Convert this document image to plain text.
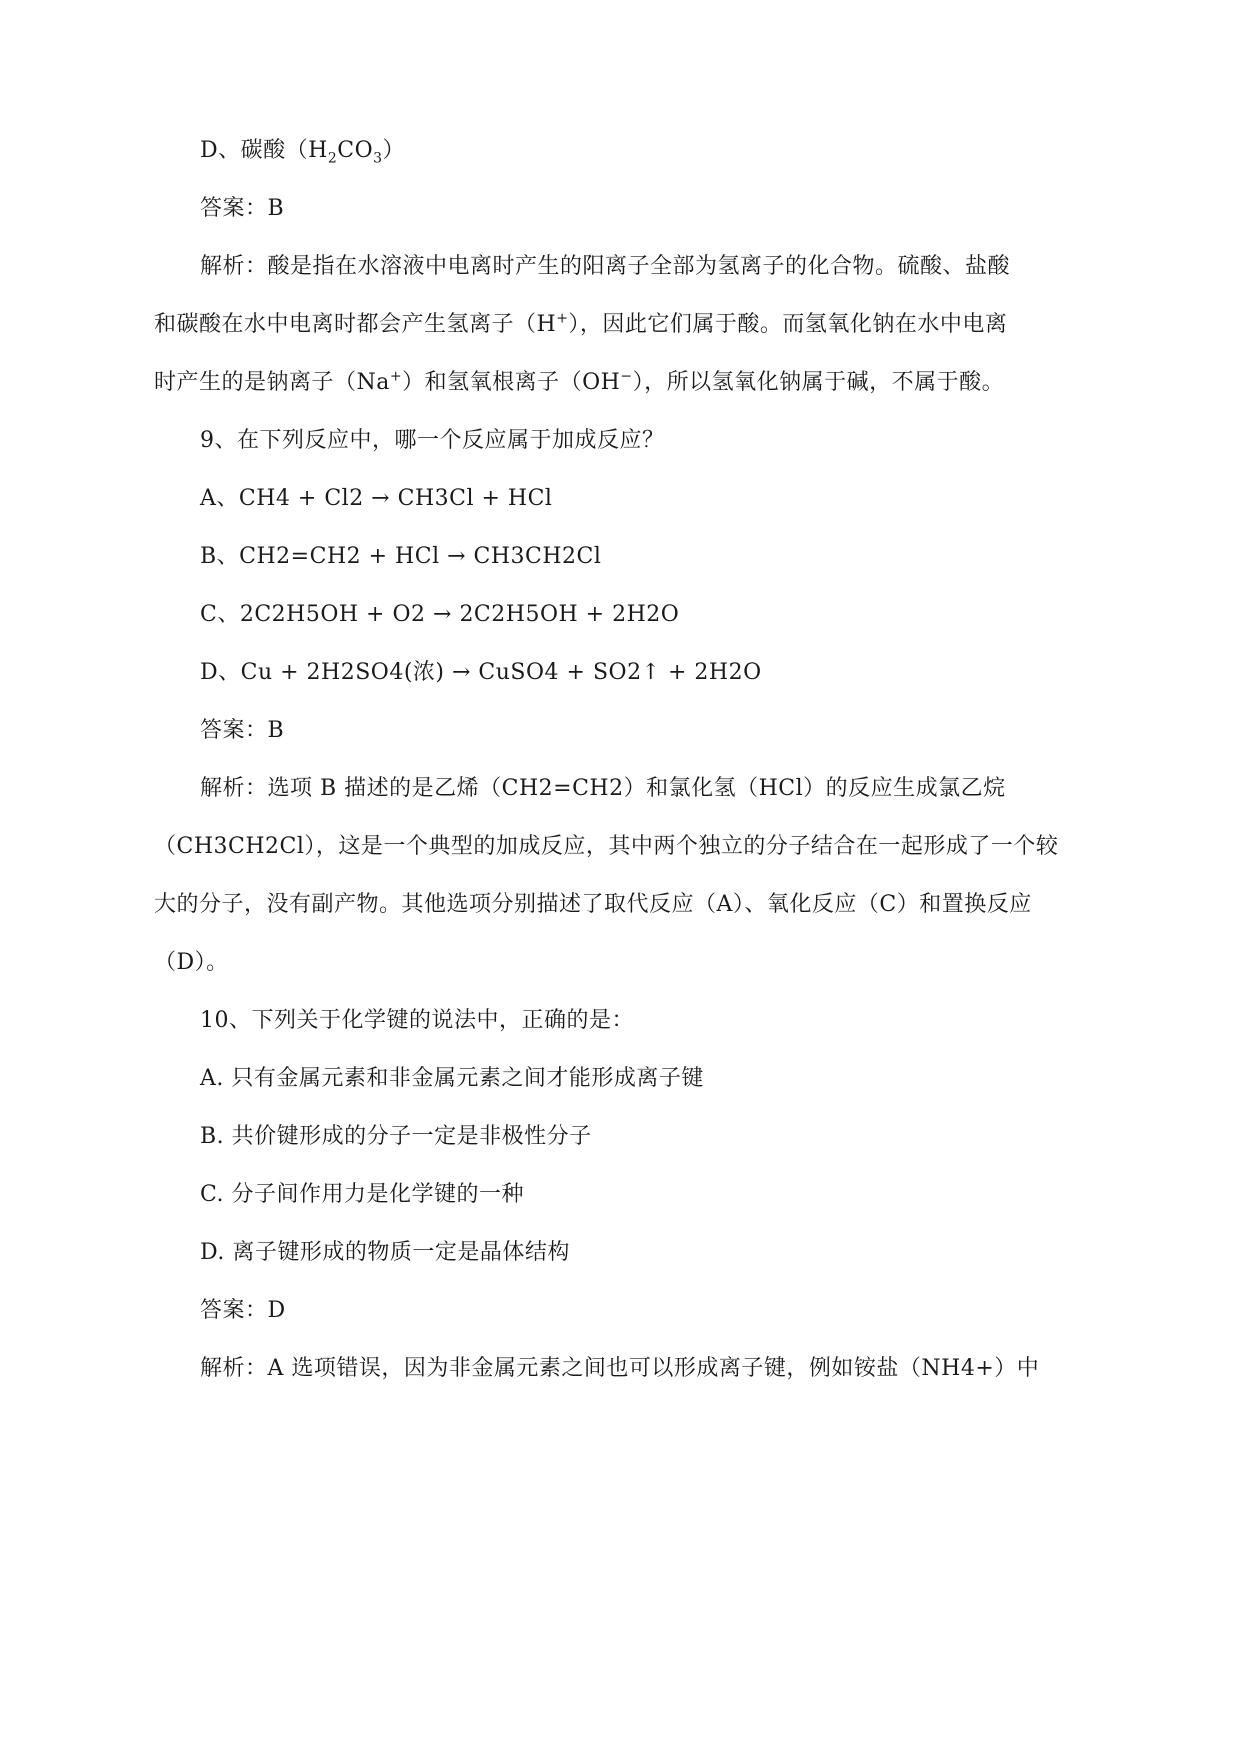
D、碳酸$(H_2CO_3)$
答案：B
解析：酸是指在水溶液中电离时产生的阳离子全部为氢离子的化合物。硫酸、盐酸
和碳酸在水中电离时都会产生氢离子（H+），因此它们属于酸。而氢氧化钠在水中电离
时产生的是钠离子（Na+）和氢氧根离子（OH−），所以氢氧化钠属于碱，不属于酸。
9、在下列反应中，哪一个反应属于加成反应？
A、CH4 + Cl2 → CH3Cl + HCl
B、CH2=CH2 + HCl → CH3CH2Cl
C、2C2H5OH + O2 → 2C2H5OH + 2H2O
D、Cu + 2H2SO4(浓) → CuSO4 + SO2↑ + 2H2O
答案：B
解析：选项 B 描述的是乙烯（CH2=CH2）和氯化氢（HCl）的反应生成氯乙烷
（CH3CH2Cl），这是一个典型的加成反应，其中两个独立的分子结合在一起形成了一个较
大的分子，没有副产物。其他选项分别描述了取代反应（A）、氧化反应（C）和置换反应
（D）。
10、下列关于化学键的说法中，正确的是：
A. 只有金属元素和非金属元素之间才能形成离子键
B. 共价键形成的分子一定是非极性分子
C. 分子间作用力是化学键的一种
D. 离子键形成的物质一定是晶体结构
答案：D
解析：A 选项错误，因为非金属元素之间也可以形成离子键，例如铵盐（NH4+）中
